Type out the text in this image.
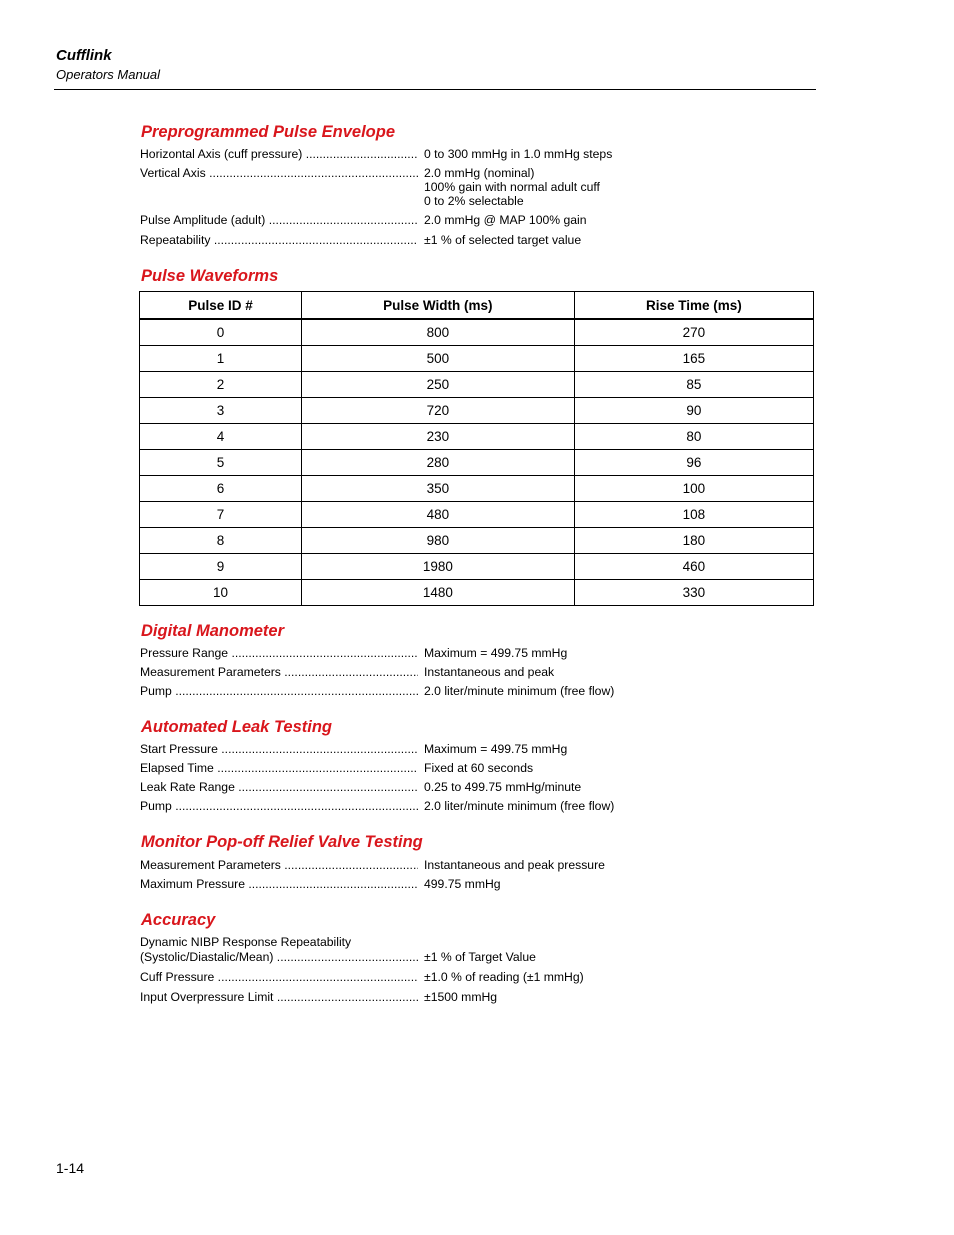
Cufflink
Operators Manual
Preprogrammed Pulse Envelope
Horizontal Axis (cuff pressure) .....	0 to 300 mmHg in 1.0 mmHg steps
Vertical Axis .....	2.0 mmHg (nominal)
100% gain with normal adult cuff
0 to 2% selectable
Pulse Amplitude (adult) .....	2.0 mmHg @ MAP 100% gain
Repeatability .....	±1 % of selected target value
Pulse Waveforms
Pulse ID #	Pulse Width (ms)	Rise Time (ms)
0	800	270
1	500	165
2	250	85
3	720	90
4	230	80
5	280	96
6	350	100
7	480	108
8	980	180
9	1980	460
10	1480	330
Digital Manometer
Pressure Range .....	Maximum = 499.75 mmHg
Measurement Parameters .....	Instantaneous and peak
Pump .....	2.0 liter/minute minimum (free flow)
Automated Leak Testing
Start Pressure .....	Maximum = 499.75 mmHg
Elapsed Time .....	Fixed at 60 seconds
Leak Rate Range .....	0.25 to 499.75 mmHg/minute
Pump .....	2.0 liter/minute minimum (free flow)
Monitor Pop-off Relief Valve Testing
Measurement Parameters .....	Instantaneous and peak pressure
Maximum Pressure .....	499.75 mmHg
Accuracy
Dynamic NIBP Response Repeatability
(Systolic/Diastalic/Mean) .....	±1 % of Target Value
Cuff Pressure .....	±1.0 % of reading (±1 mmHg)
Input Overpressure Limit .....	±1500 mmHg
1-14
